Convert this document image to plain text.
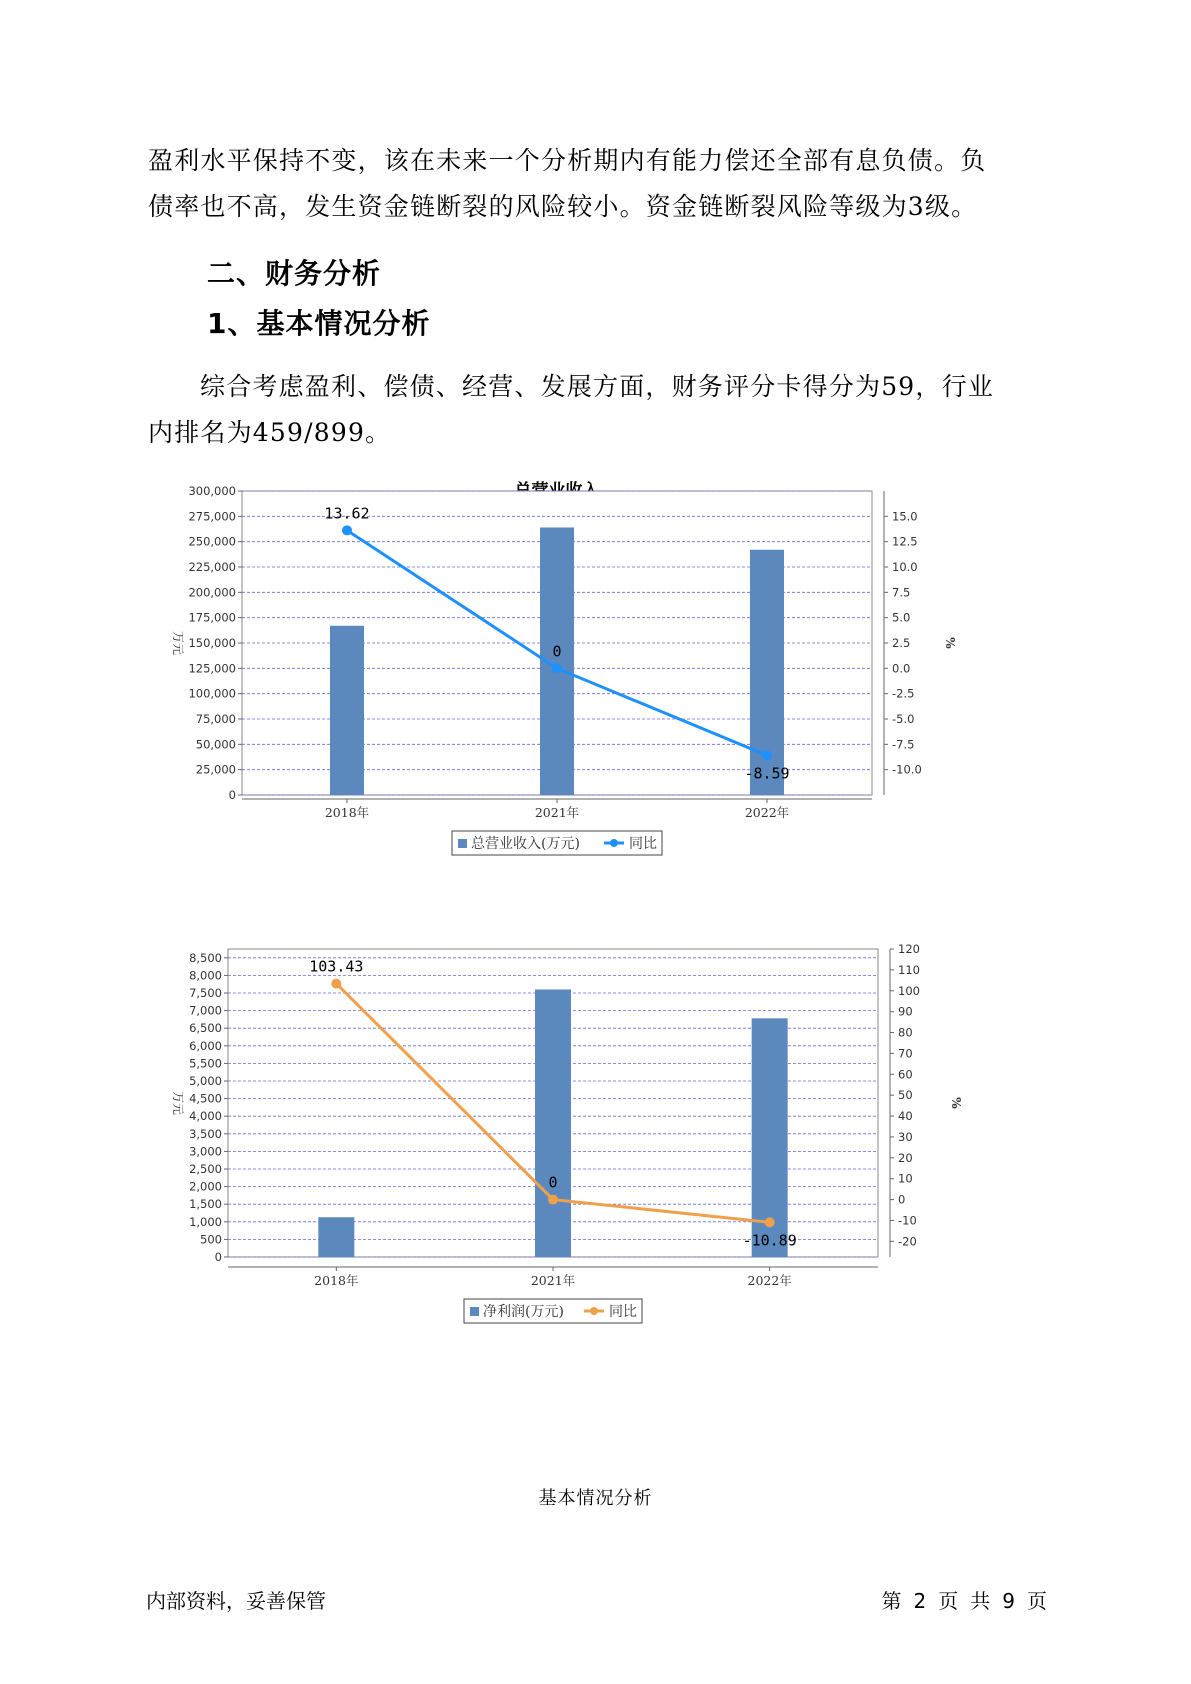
盈利水平保持不变，该在未来一个分析期内有能力偿还全部有息负债。负

债率也不高，发生资金链断裂的风险较小。资金链断裂风险等级为3级。

二、财务分析
1、基本情况分析

综合考虑盈利、偿债、经营、发展方面，财务评分卡得分为59，行业

内排名为459/899。

0
25,000
50,000
75,000
100,000
125,000
150,000
175,000
200,000
225,000
250,000
275,000
300,000
-10.0
-7.5
-5.0
-2.5
0.0
2.5
5.0
7.5
10.0
12.5
15.0
万元	%
2018年	2021年	2022年
13.62
0
-8.59
总营业收入(万元)	同比
0
500
1,000
1,500
2,000
2,500
3,000
3,500
4,000
4,500
5,000
5,500
6,000
6,500
7,000
7,500
8,000
8,500
-20
-10
0
10
20
30
40
50
60
70
80
90
100
110
120
万元	%
2018年	2021年	2022年
103.43
0
-10.89
净利润(万元)	同比
基本情况分析
内部资料，妥善保管	第 2 页 共 9 页
